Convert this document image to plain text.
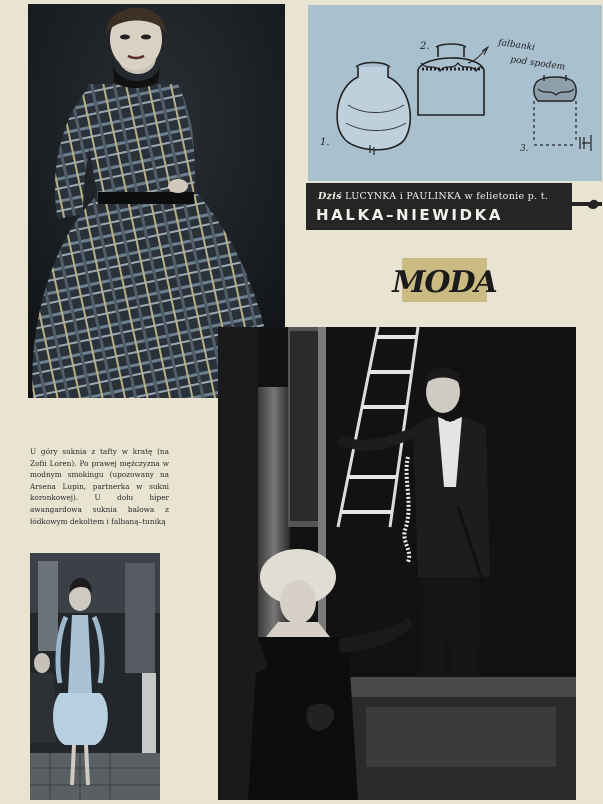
1.
2.
3.
falbanki
pod spodem
Dziś LUCYNKA i PAULINKA w felietonie p. t.
HALKA–NIEWIDKA
MODA
U góry suknia z tafty w kratę (na Zofii Loren). Po prawej mężczyzna w modnym smokingu (upozowany na Arsena Lupin, partnerka w sukni koronkowej). U dołu hiper awangardowa suknia balowa z łódkowym dekoltem i falbaną–tuniką
